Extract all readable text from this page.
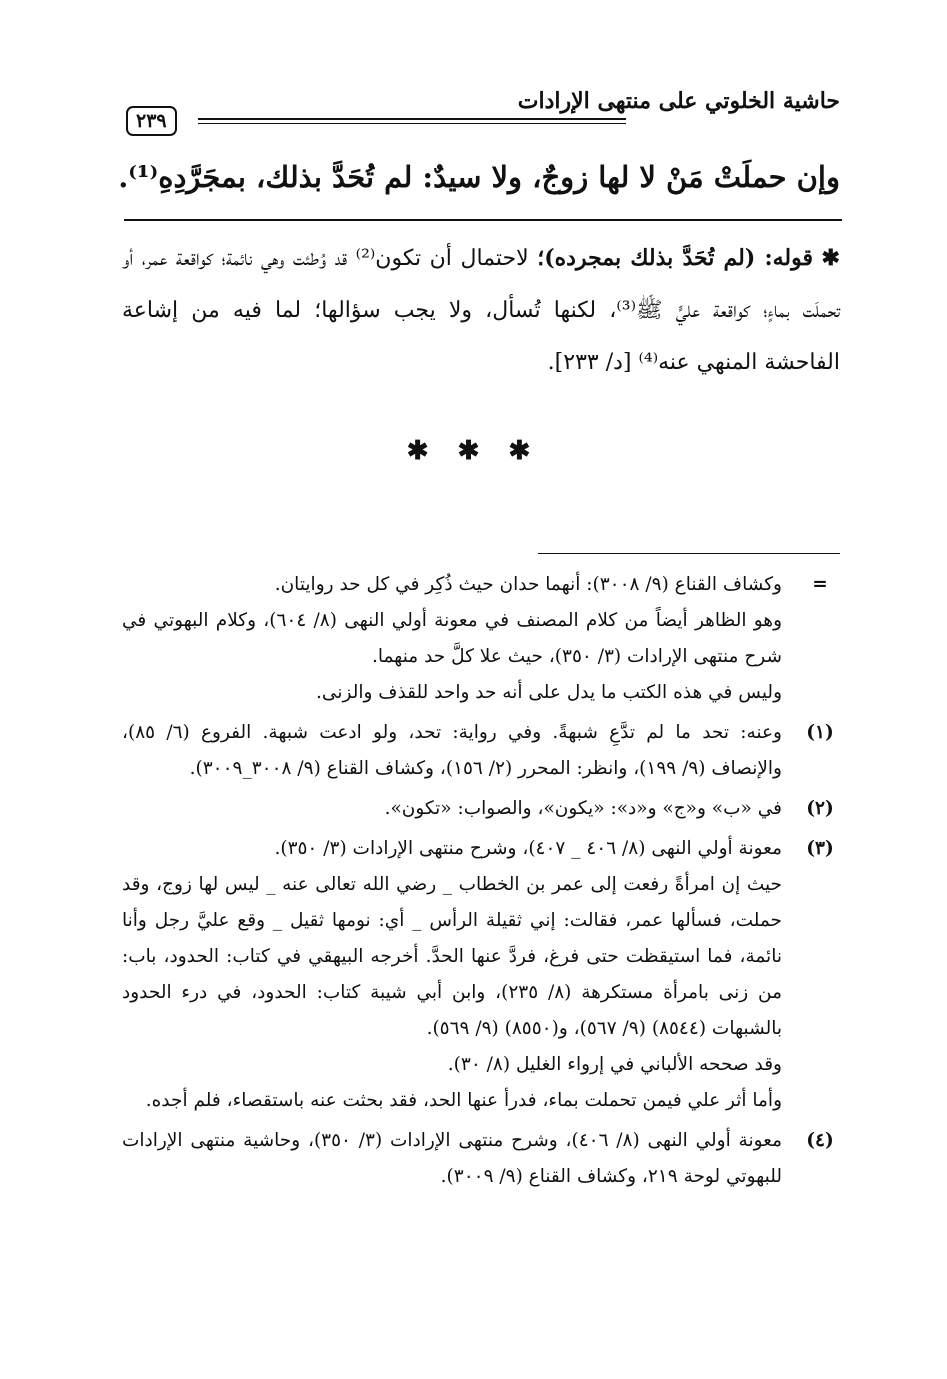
حاشية الخلوتي على منتهى الإرادات
٢٣٩
وإن حملَتْ مَنْ لا لها زوجٌ، ولا سيدٌ: لم تُحَدَّ بذلك، بمجَرَّدِهِ⁽¹⁾.

✱ قوله: (لم تُحَدَّ بذلك بمجرده)؛ لاحتمال أن تكون⁽²⁾ قد وُطئت وهي نائمة؛ كواقعة عمر، أو تحملَت بماءٍ؛ كواقعة عليٍّ ﷺ⁽³⁾، لكنها تُسأل، ولا يجب سؤالها؛ لما فيه من إشاعة الفاحشة المنهي عنه⁽⁴⁾ [د/ ٢٣٣].

✱ ✱ ✱
=
وكشاف القناع (٩/ ٣٠٠٨): أنهما حدان حيث ذُكِر في كل حد روايتان.
وهو الظاهر أيضاً من كلام المصنف في معونة أولي النهى (٨/ ٦٠٤)، وكلام البهوتي في شرح منتهى الإرادات (٣/ ٣٥٠)، حيث علا كلَّ حد منهما.
وليس في هذه الكتب ما يدل على أنه حد واحد للقذف والزنى.
(١)
وعنه: تحد ما لم تدَّعِ شبهةً. وفي رواية: تحد، ولو ادعت شبهة. الفروع (٦/ ٨٥)، والإنصاف (٩/ ١٩٩)، وانظر: المحرر (٢/ ١٥٦)، وكشاف القناع (٩/ ٣٠٠٨_٣٠٠٩).
(٢)
في «ب» و«ج» و«د»: «يكون»، والصواب: «تكون».
(٣)
معونة أولي النهى (٨/ ٤٠٦ _ ٤٠٧)، وشرح منتهى الإرادات (٣/ ٣٥٠).
حيث إن امرأةً رفعت إلى عمر بن الخطاب _ رضي الله تعالى عنه _ ليس لها زوج، وقد حملت، فسألها عمر، فقالت: إني ثقيلة الرأس _ أي: نومها ثقيل _ وقع عليَّ رجل وأنا نائمة، فما استيقظت حتى فرغ، فردَّ عنها الحدَّ. أخرجه البيهقي في كتاب: الحدود، باب: من زنى بامرأة مستكرهة (٨/ ٢٣٥)، وابن أبي شيبة كتاب: الحدود، في درء الحدود بالشبهات (٨٥٤٤) (٩/ ٥٦٧)، و(٨٥٥٠) (٩/ ٥٦٩).
وقد صححه الألباني في إرواء الغليل (٨/ ٣٠).
وأما أثر علي فيمن تحملت بماء، فدرأ عنها الحد، فقد بحثت عنه باستقصاء، فلم أجده.
(٤)
معونة أولي النهى (٨/ ٤٠٦)، وشرح منتهى الإرادات (٣/ ٣٥٠)، وحاشية منتهى الإرادات للبهوتي لوحة ٢١٩، وكشاف القناع (٩/ ٣٠٠٩).
